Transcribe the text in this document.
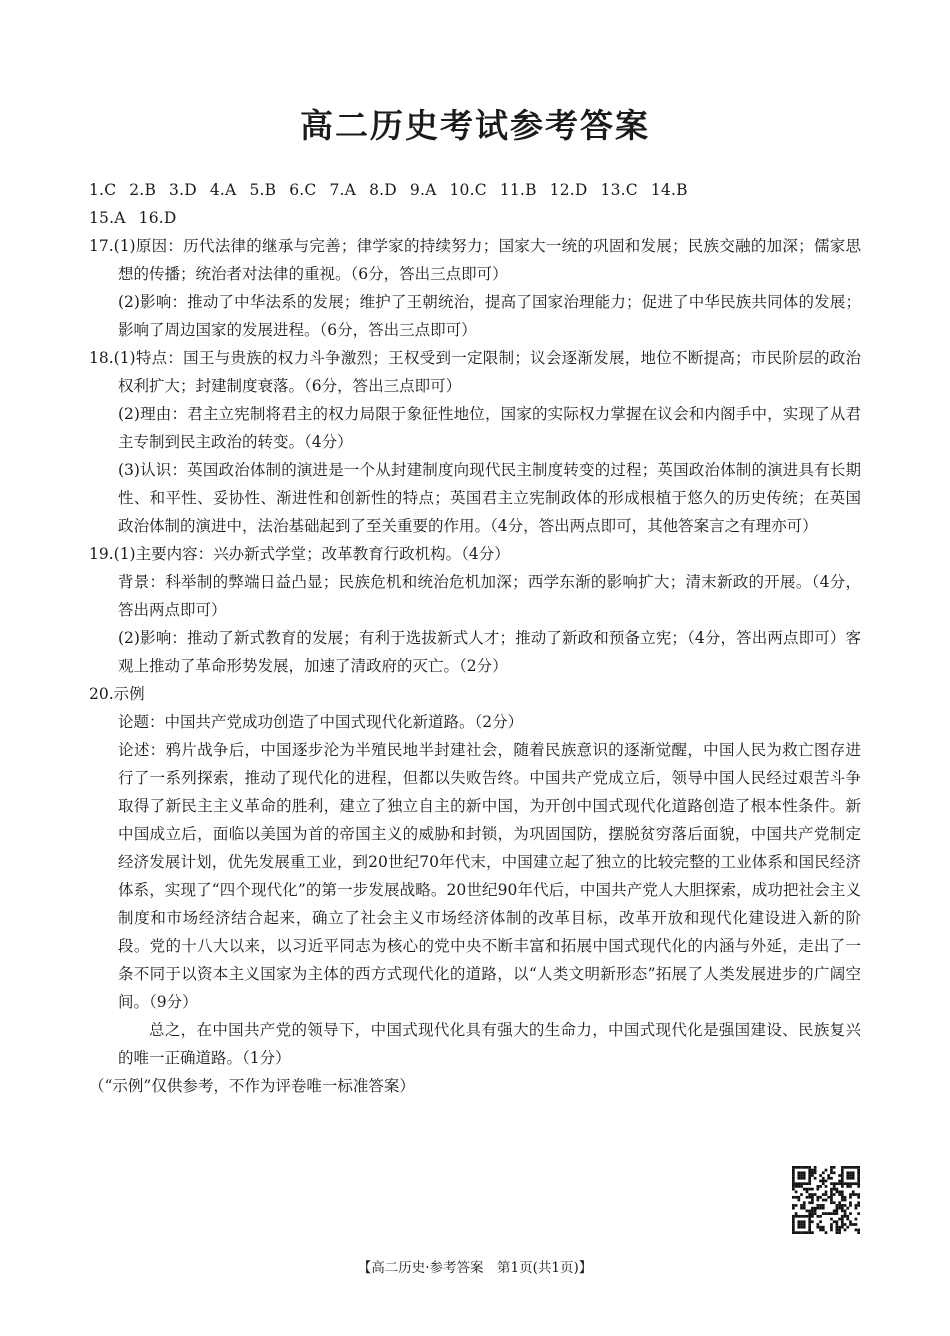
高二历史考试参考答案

1.C 2.B 3.D 4.A 5.B 6.C 7.A 8.D 9.A 10.C 11.B 12.D 13.C 14.B

15.A 16.D

17.(1)原因：历代法律的继承与完善；律学家的持续努力；国家大一统的巩固和发展；民族交融的加深；儒家思想的传播；统治者对法律的重视。（6分，答出三点即可）

(2)影响：推动了中华法系的发展；维护了王朝统治，提高了国家治理能力；促进了中华民族共同体的发展；影响了周边国家的发展进程。（6分，答出三点即可）

18.(1)特点：国王与贵族的权力斗争激烈；王权受到一定限制；议会逐渐发展，地位不断提高；市民阶层的政治权利扩大；封建制度衰落。（6分，答出三点即可）

(2)理由：君主立宪制将君主的权力局限于象征性地位，国家的实际权力掌握在议会和内阁手中，实现了从君主专制到民主政治的转变。（4分）

(3)认识：英国政治体制的演进是一个从封建制度向现代民主制度转变的过程；英国政治体制的演进具有长期性、和平性、妥协性、渐进性和创新性的特点；英国君主立宪制政体的形成根植于悠久的历史传统；在英国政治体制的演进中，法治基础起到了至关重要的作用。（4分，答出两点即可，其他答案言之有理亦可）

19.(1)主要内容：兴办新式学堂；改革教育行政机构。（4分）

背景：科举制的弊端日益凸显；民族危机和统治危机加深；西学东渐的影响扩大；清末新政的开展。（4分，答出两点即可）

(2)影响：推动了新式教育的发展；有利于选拔新式人才；推动了新政和预备立宪；（4分，答出两点即可）客观上推动了革命形势发展，加速了清政府的灭亡。（2分）

20.示例

论题：中国共产党成功创造了中国式现代化新道路。（2分）

论述：鸦片战争后，中国逐步沦为半殖民地半封建社会，随着民族意识的逐渐觉醒，中国人民为救亡图存进行了一系列探索，推动了现代化的进程，但都以失败告终。中国共产党成立后，领导中国人民经过艰苦斗争取得了新民主主义革命的胜利，建立了独立自主的新中国，为开创中国式现代化道路创造了根本性条件。新中国成立后，面临以美国为首的帝国主义的威胁和封锁，为巩固国防，摆脱贫穷落后面貌，中国共产党制定经济发展计划，优先发展重工业，到20世纪70年代末，中国建立起了独立的比较完整的工业体系和国民经济体系，实现了“四个现代化”的第一步发展战略。20世纪90年代后，中国共产党人大胆探索，成功把社会主义制度和市场经济结合起来，确立了社会主义市场经济体制的改革目标，改革开放和现代化建设进入新的阶段。党的十八大以来，以习近平同志为核心的党中央不断丰富和拓展中国式现代化的内涵与外延，走出了一条不同于以资本主义国家为主体的西方式现代化的道路，以“人类文明新形态”拓展了人类发展进步的广阔空间。（9分）

总之，在中国共产党的领导下，中国式现代化具有强大的生命力，中国式现代化是强国建设、民族复兴的唯一正确道路。（1分）

（“示例”仅供参考，不作为评卷唯一标准答案）

【高二历史·参考答案　第1页(共1页)】
